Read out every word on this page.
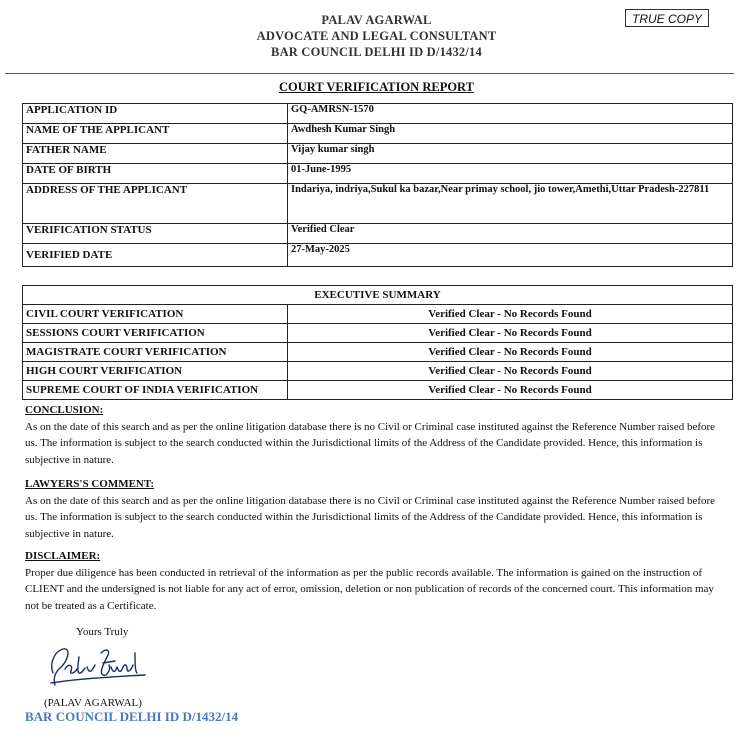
PALAV AGARWAL
ADVOCATE AND LEGAL CONSULTANT
BAR COUNCIL DELHI ID D/1432/14
TRUE COPY
COURT VERIFICATION REPORT
APPLICATION ID	GQ-AMRSN-1570
NAME OF THE APPLICANT	Awdhesh Kumar Singh
FATHER NAME	Vijay kumar singh
DATE OF BIRTH	01-June-1995
ADDRESS OF THE APPLICANT	Indariya, indriya,Sukul ka bazar,Near primay school, jio tower,Amethi,Uttar Pradesh-227811
VERIFICATION STATUS	Verified Clear
VERIFIED DATE	27-May-2025
EXECUTIVE SUMMARY	
CIVIL COURT VERIFICATION	Verified Clear - No Records Found
SESSIONS COURT VERIFICATION	Verified Clear - No Records Found
MAGISTRATE COURT VERIFICATION	Verified Clear - No Records Found
HIGH COURT VERIFICATION	Verified Clear - No Records Found
SUPREME COURT OF INDIA VERIFICATION	Verified Clear - No Records Found
CONCLUSION:

As on the date of this search and as per the online litigation database there is no Civil or Criminal case instituted against the Reference Number raised before us. The information is subject to the search conducted within the Jurisdictional limits of the Address of the Candidate provided. Hence, this information is subjective in nature.

LAWYERS'S COMMENT:

As on the date of this search and as per the online litigation database there is no Civil or Criminal case instituted against the Reference Number raised before us. The information is subject to the search conducted within the Jurisdictional limits of the Address of the Candidate provided. Hence, this information is subjective in nature.

DISCLAIMER:

Proper due diligence has been conducted in retrieval of the information as per the public records available. The information is gained on the instruction of CLIENT and the undersigned is not liable for any act of error, omission, deletion or non publication of records of the concerned court. This information may not be treated as a Certificate.

Yours Truly
Palav Agarwal
(PALAV AGARWAL)
BAR COUNCIL DELHI ID D/1432/14
